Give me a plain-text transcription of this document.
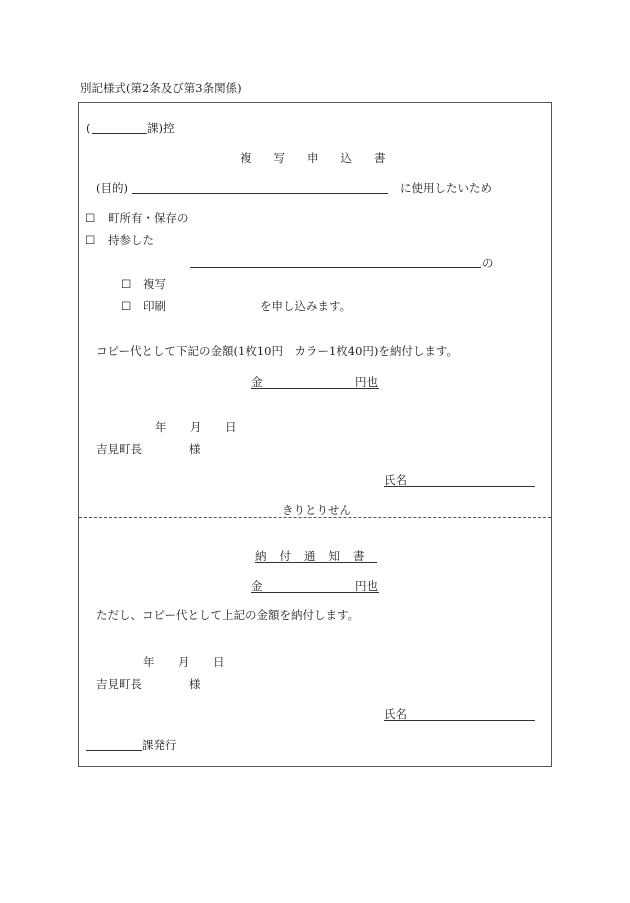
別記様式(第2条及び第3条関係)
(	課)控
複 写 申 込 書
(目的)	に使用したいため
☐ 町所有・保存の
☐ 持参した
の
☐ 複写
☐ 印刷	を申し込みます。
コピー代として下記の金額(1枚10円　カラー1枚40円)を納付します。
金	円也
年 月 日
吉見町長	様
氏名
きりとりせん
納 付 通 知 書
金	円也
ただし、コピー代として上記の金額を納付します。
年 月 日
吉見町長	様
氏名
課発行
